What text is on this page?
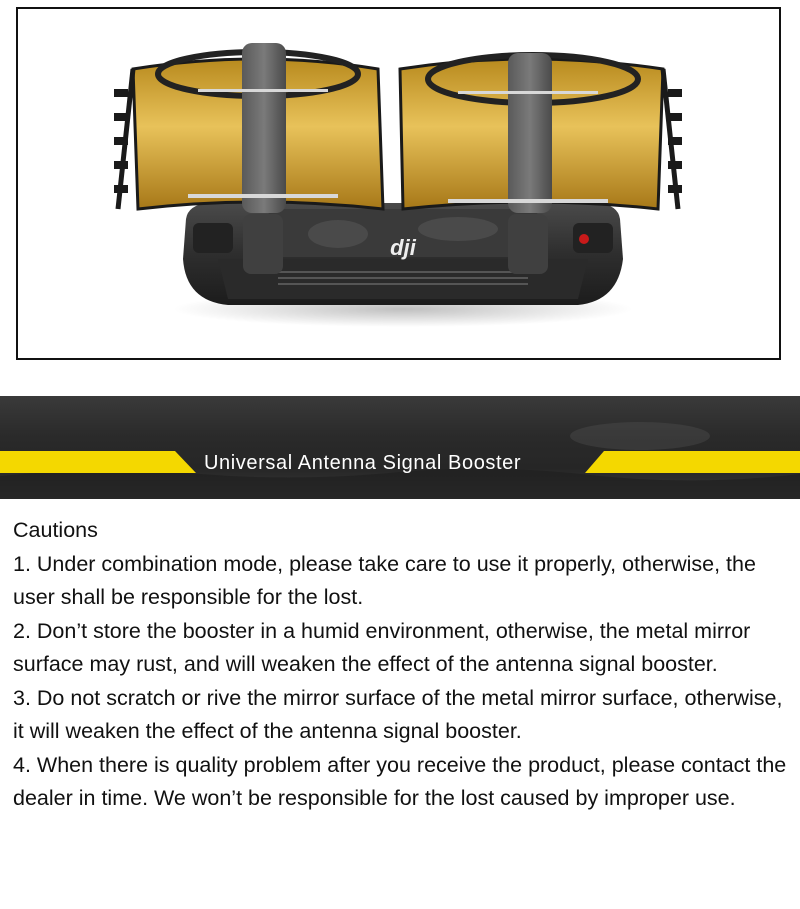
dji
Universal Antenna Signal Booster

Cautions

1. Under combination mode, please take care to use it properly, otherwise, the user shall be responsible for the lost.

2. Don’t store the booster in a humid environment, otherwise, the metal mirror surface may rust, and will weaken the effect of the antenna signal booster.

3. Do not scratch or rive the mirror surface of the metal mirror surface, otherwise, it will weaken the effect of the antenna signal booster.

4. When there is quality problem after you receive the product, please contact the dealer in time. We won’t be responsible for the lost caused by improper use.
